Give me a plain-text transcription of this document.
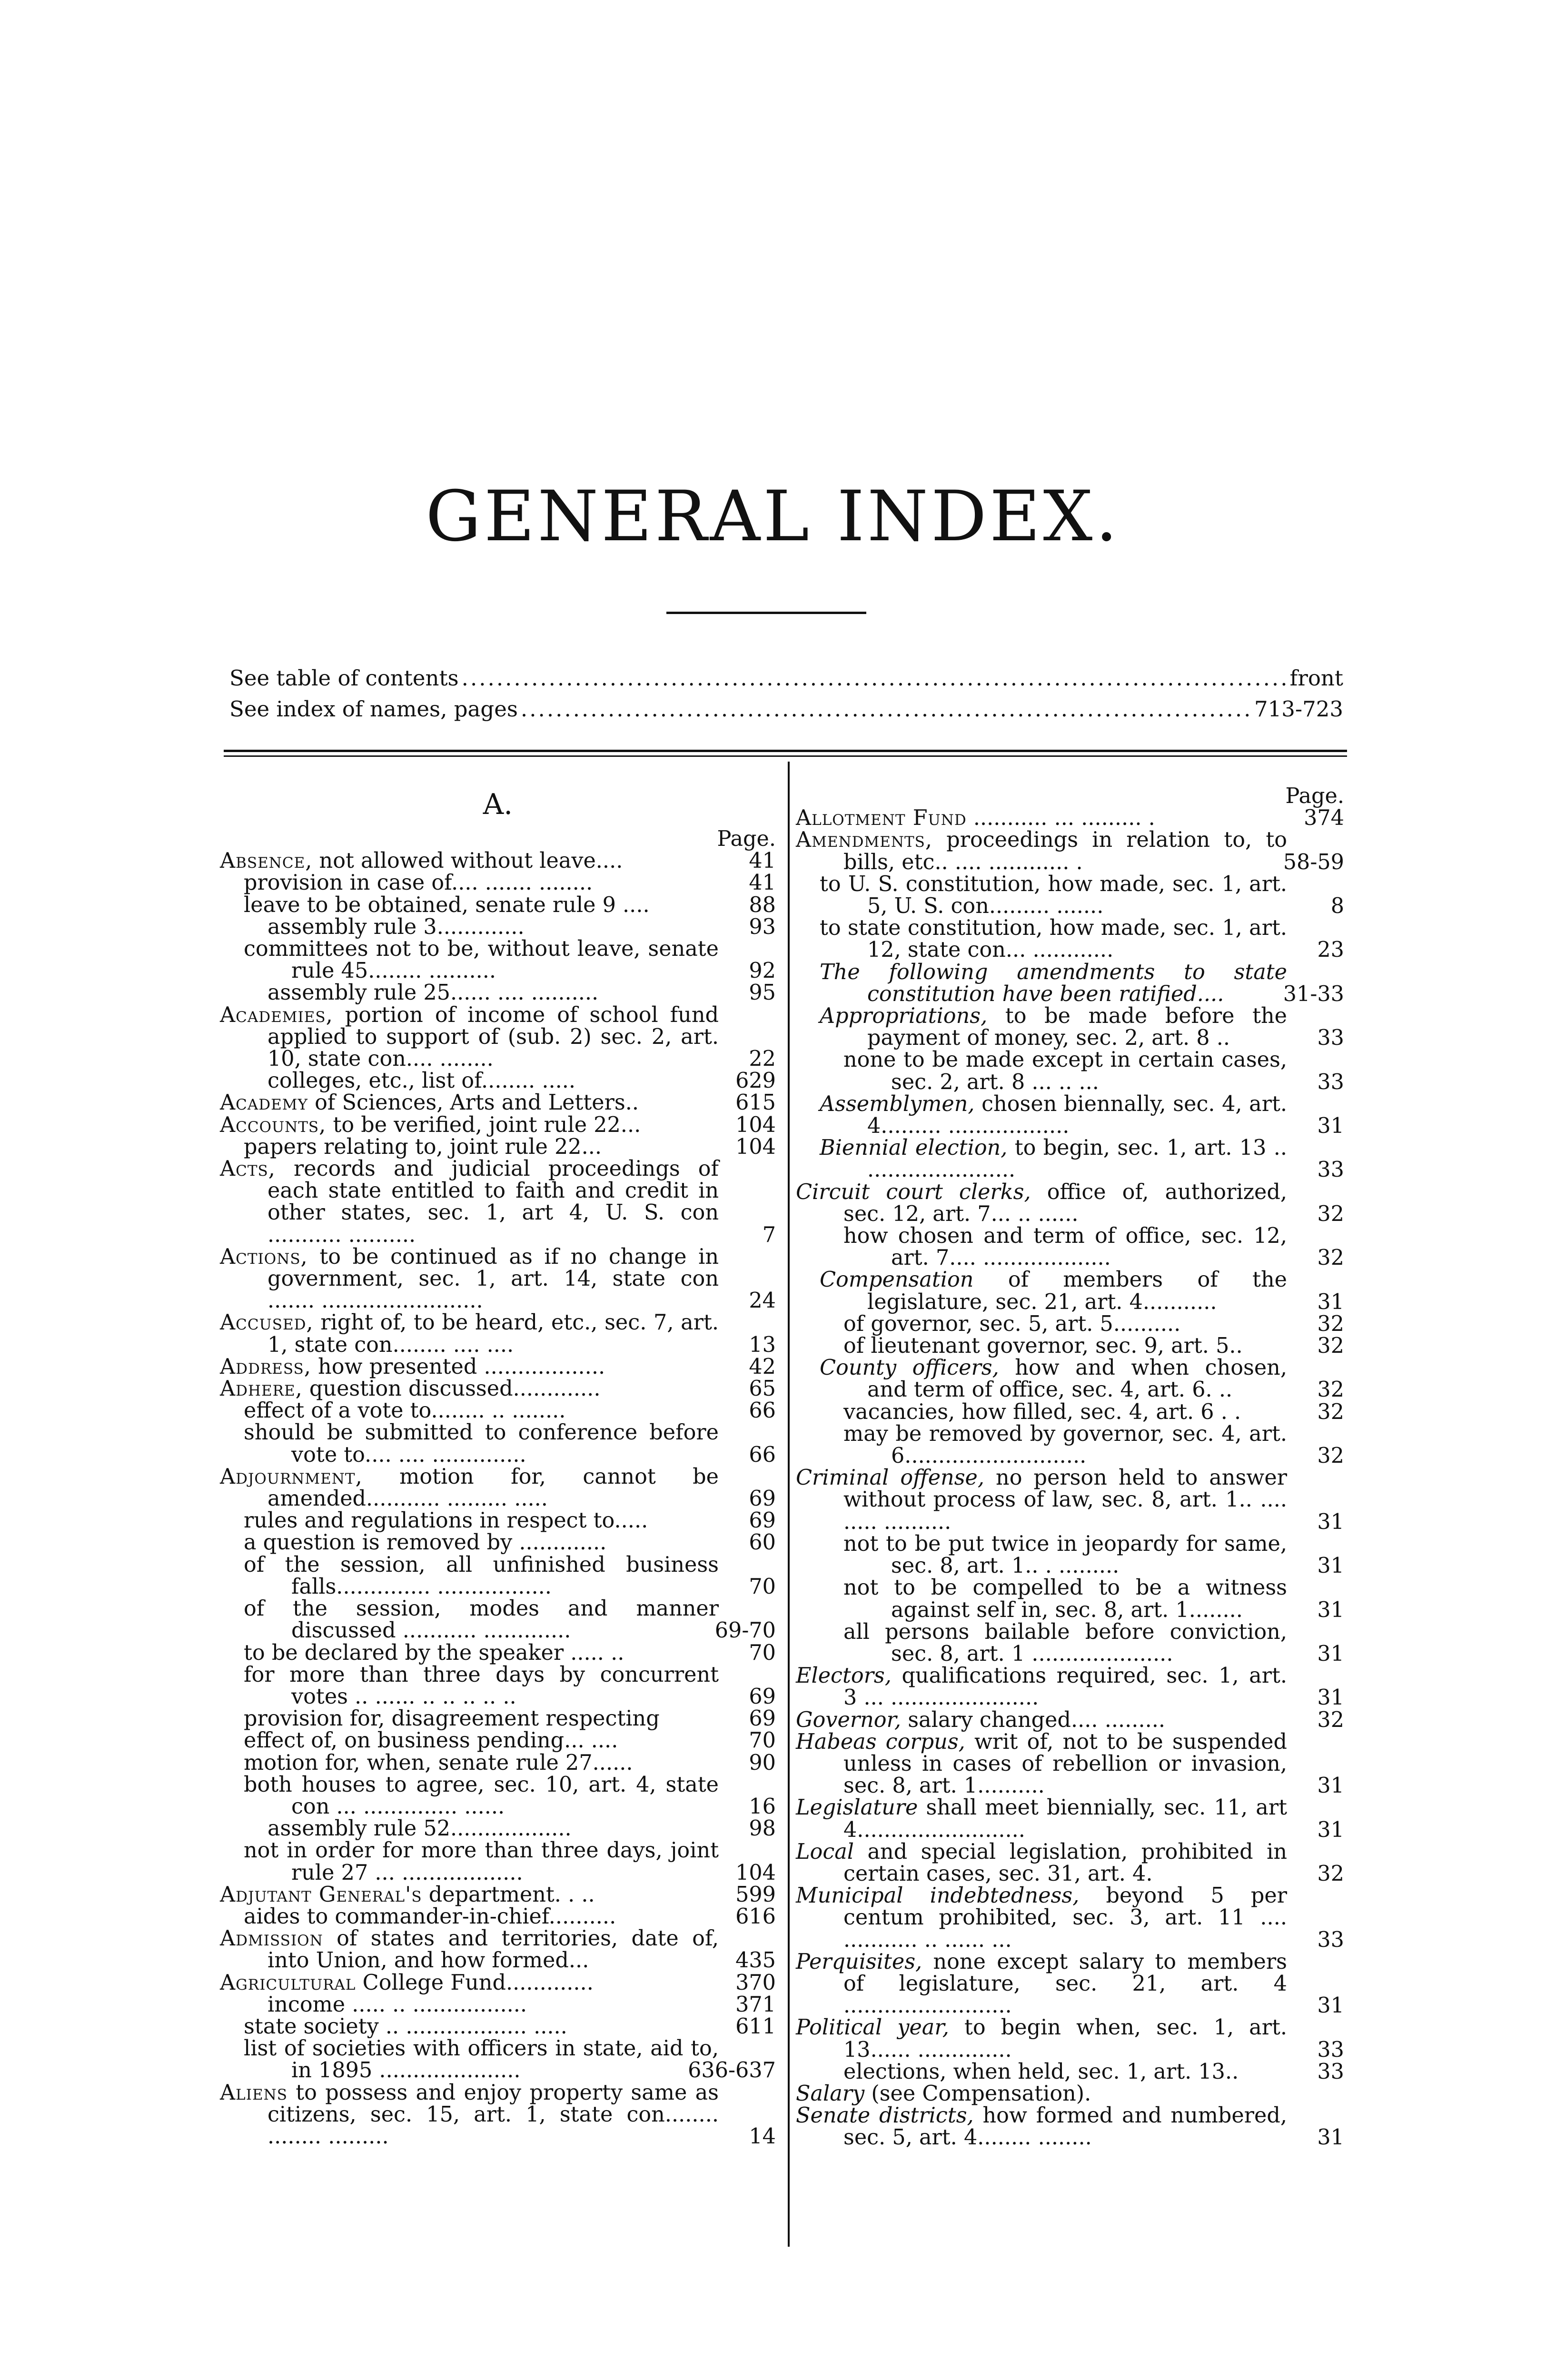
GENERAL INDEX.
See table of contents .....	front
See index of names, pages .....	713-723
A.
Page.
Absence, not allowed without leave....	41
provision in case of.... ....... ........	41
leave to be obtained, senate rule 9 ....	88
assembly rule 3.............	93
committees not to be, without leave, senate rule 45........ ..........	92
assembly rule 25...... .... ..........	95
Academies, portion of income of school fund applied to support of (sub. 2) sec. 2, art. 10, state con.... ........	22
colleges, etc., list of........ .....	629
Academy of Sciences, Arts and Letters..	615
Accounts, to be verified, joint rule 22...	104
papers relating to, joint rule 22...	104
Acts, records and judicial proceedings of each state entitled to faith and credit in other states, sec. 1, art 4, U. S. con ........... ..........	7
Actions, to be continued as if no change in government, sec. 1, art. 14, state con ....... ........................	24
Accused, right of, to be heard, etc., sec. 7, art. 1, state con........ .... ....	13
Address, how presented ..................	42
Adhere, question discussed.............	65
effect of a vote to........ .. ........	66
should be submitted to conference before vote to.... .... ..............	66
Adjournment, motion for, cannot be amended........... ......... .....	69
rules and regulations in respect to.....	69
a question is removed by .............	60
of the session, all unfinished business falls.............. .................	70
of the session, modes and manner discussed ........... .............	69-70
to be declared by the speaker ..... ..	70
for more than three days by concurrent votes .. ...... .. .. .. .. ..	69
provision for, disagreement respecting	69
effect of, on business pending... ....	70
motion for, when, senate rule 27......	90
both houses to agree, sec. 10, art. 4, state con ... .............. ......	16
assembly rule 52..................	98
not in order for more than three days, joint rule 27 ... ..................	104
Adjutant General's department. . ..	599
aides to commander-in-chief..........	616
Admission of states and territories, date of, into Union, and how formed...	435
Agricultural College Fund.............	370
income ..... .. .................	371
state society .. .................. .....	611
list of societies with officers in state, aid to, in 1895 .....................	636-637
Aliens to possess and enjoy property same as citizens, sec. 15, art. 1, state con........ ........ .........	14
Page.
Allotment Fund ........... ... ......... .	374
Amendments, proceedings in relation to, to bills, etc.. .... ............ .	58-59
to U. S. constitution, how made, sec. 1, art. 5, U. S. con......... .......	8
to state constitution, how made, sec. 1, art. 12, state con... ............	23
The following amendments to state constitution have been ratified....	31-33
Appropriations, to be made before the payment of money, sec. 2, art. 8 ..	33
none to be made except in certain cases, sec. 2, art. 8 ... .. ...	33
Assemblymen, chosen biennally, sec. 4, art. 4......... ..................	31
Biennial election, to begin, sec. 1, art. 13 .. ......................	33
Circuit court clerks, office of, authorized, sec. 12, art. 7... .. ......	32
how chosen and term of office, sec. 12, art. 7.... ...................	32
Compensation of members of the legislature, sec. 21, art. 4...........	31
of governor, sec. 5, art. 5..........	32
of lieutenant governor, sec. 9, art. 5..	32
County officers, how and when chosen, and term of office, sec. 4, art. 6. ..	32
vacancies, how filled, sec. 4, art. 6 . .	32
may be removed by governor, sec. 4, art. 6...........................	32
Criminal offense, no person held to answer without process of law, sec. 8, art. 1.. .... ..... ..........	31
not to be put twice in jeopardy for same, sec. 8, art. 1.. . .........	31
not to be compelled to be a witness against self in, sec. 8, art. 1........	31
all persons bailable before conviction, sec. 8, art. 1 .....................	31
Electors, qualifications required, sec. 1, art. 3 ... ......................	31
Governor, salary changed.... .........	32
Habeas corpus, writ of, not to be suspended unless in cases of rebellion or invasion, sec. 8, art. 1..........	31
Legislature shall meet biennially, sec. 11, art 4.........................	31
Local and special legislation, prohibited in certain cases, sec. 31, art. 4.	32
Municipal indebtedness, beyond 5 per centum prohibited, sec. 3, art. 11 .... ........... .. ...... ...	33
Perquisites, none except salary to members of legislature, sec. 21, art. 4 .........................	31
Political year, to begin when, sec. 1, art. 13...... ..............	33
elections, when held, sec. 1, art. 13..	33
Salary (see Compensation).
Senate districts, how formed and numbered, sec. 5, art. 4........ ........	31
